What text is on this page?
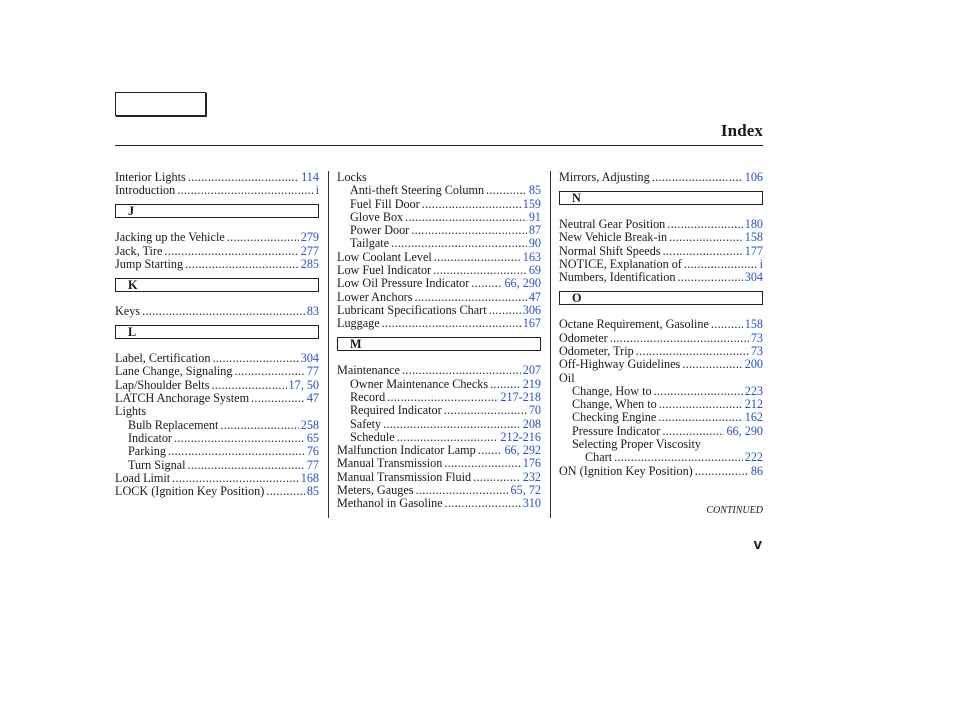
Index
Interior Lights .....	114
Introduction .....	i
J
Jacking up the Vehicle .....	279
Jack, Tire .....	277
Jump Starting .....	285
K
Keys .....	83
L
Label, Certification .....	304
Lane Change, Signaling .....	77
Lap/Shoulder Belts .....	17, 50
LATCH Anchorage System .....	47
Lights
Bulb Replacement .....	258
Indicator .....	65
Parking .....	76
Turn Signal .....	77
Load Limit .....	168
LOCK (Ignition Key Position) .....	85
Locks
Anti-theft Steering Column .....	85
Fuel Fill Door .....	159
Glove Box .....	91
Power Door .....	87
Tailgate .....	90
Low Coolant Level .....	163
Low Fuel Indicator .....	69
Low Oil Pressure Indicator .....	66, 290
Lower Anchors .....	47
Lubricant Specifications Chart .....	306
Luggage .....	167
M
Maintenance .....	207
Owner Maintenance Checks .....	219
Record .....	217-218
Required Indicator .....	70
Safety .....	208
Schedule .....	212-216
Malfunction Indicator Lamp ..... 66, 292
Manual Transmission .....	176
Manual Transmission Fluid .....	232
Meters, Gauges .....	65, 72
Methanol in Gasoline .....	310
Mirrors, Adjusting .....	106
N
Neutral Gear Position .....	180
New Vehicle Break-in .....	158
Normal Shift Speeds .....	177
NOTICE, Explanation of .....	i
Numbers, Identification .....	304
O
Octane Requirement, Gasoline .....	158
Odometer .....	73
Odometer, Trip .....	73
Off-Highway Guidelines .....	200
Oil
Change, How to .....	223
Change, When to .....	212
Checking Engine .....	162
Pressure Indicator .....	66, 290
Selecting Proper Viscosity
Chart .....	222
ON (Ignition Key Position) .....	86
CONTINUED
v
